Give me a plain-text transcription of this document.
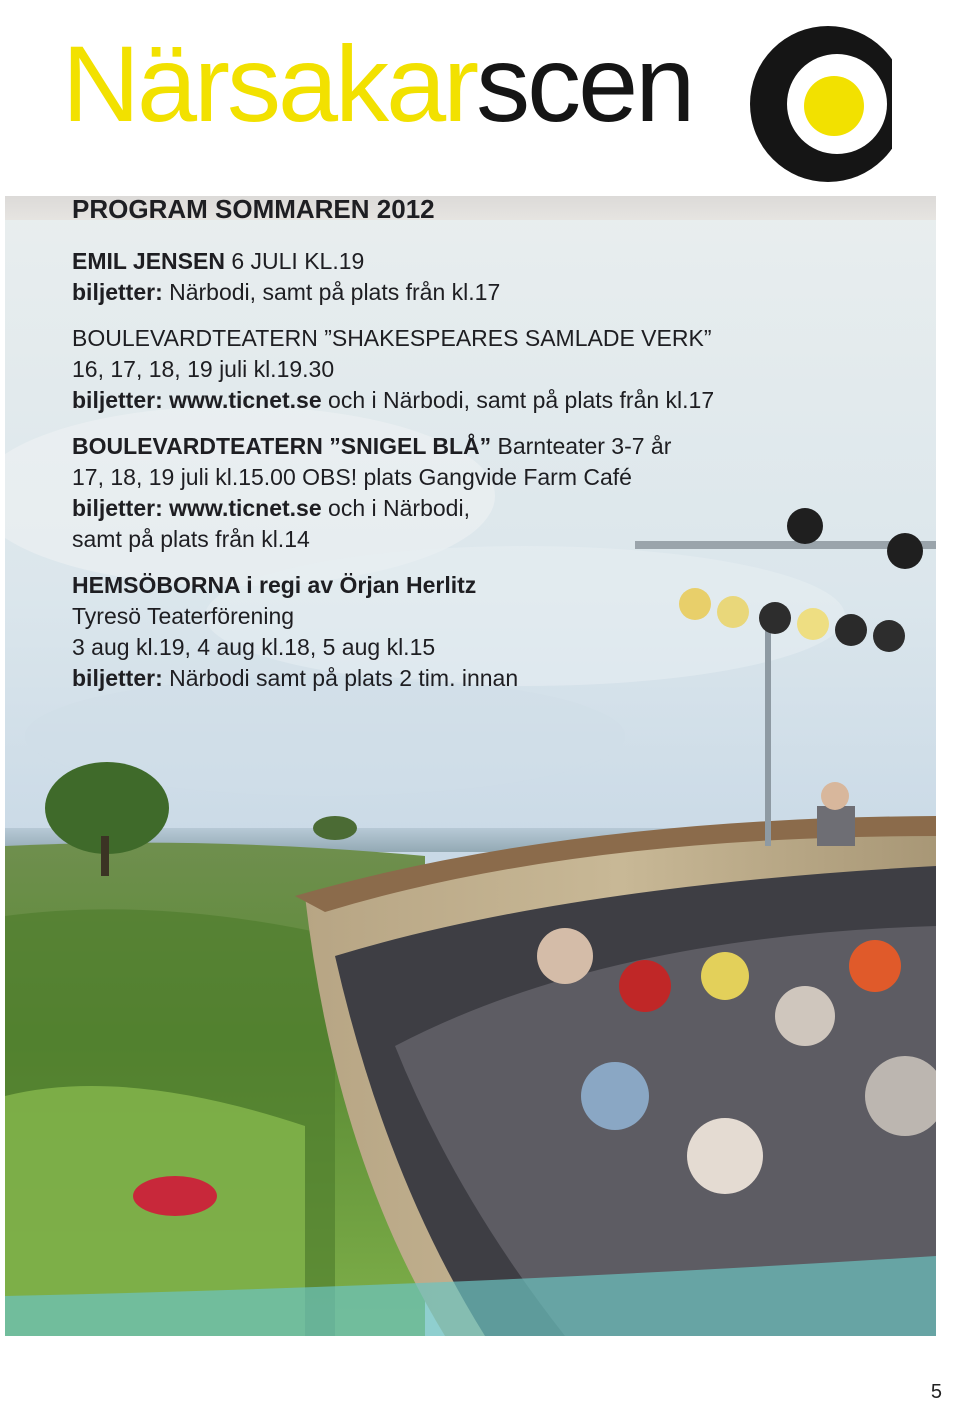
Närsakarscen
PROGRAM SOMMAREN 2012
EMIL JENSEN 6 JULI KL.19
biljetter: Närbodi, samt på plats från kl.17
BOULEVARDTEATERN ”SHAKESPEARES SAMLADE VERK”
16, 17, 18, 19 juli kl.19.30
biljetter: www.ticnet.se och i Närbodi, samt på plats från kl.17
BOULEVARDTEATERN ”SNIGEL BLÅ” Barnteater 3-7 år
17, 18, 19 juli kl.15.00 OBS! plats Gangvide Farm Café
biljetter: www.ticnet.se och i Närbodi,
samt på plats från kl.14
HEMSÖBORNA i regi av Örjan Herlitz
Tyresö Teaterförening
3 aug kl.19, 4 aug kl.18, 5 aug kl.15
biljetter: Närbodi samt på plats 2 tim. innan
5
